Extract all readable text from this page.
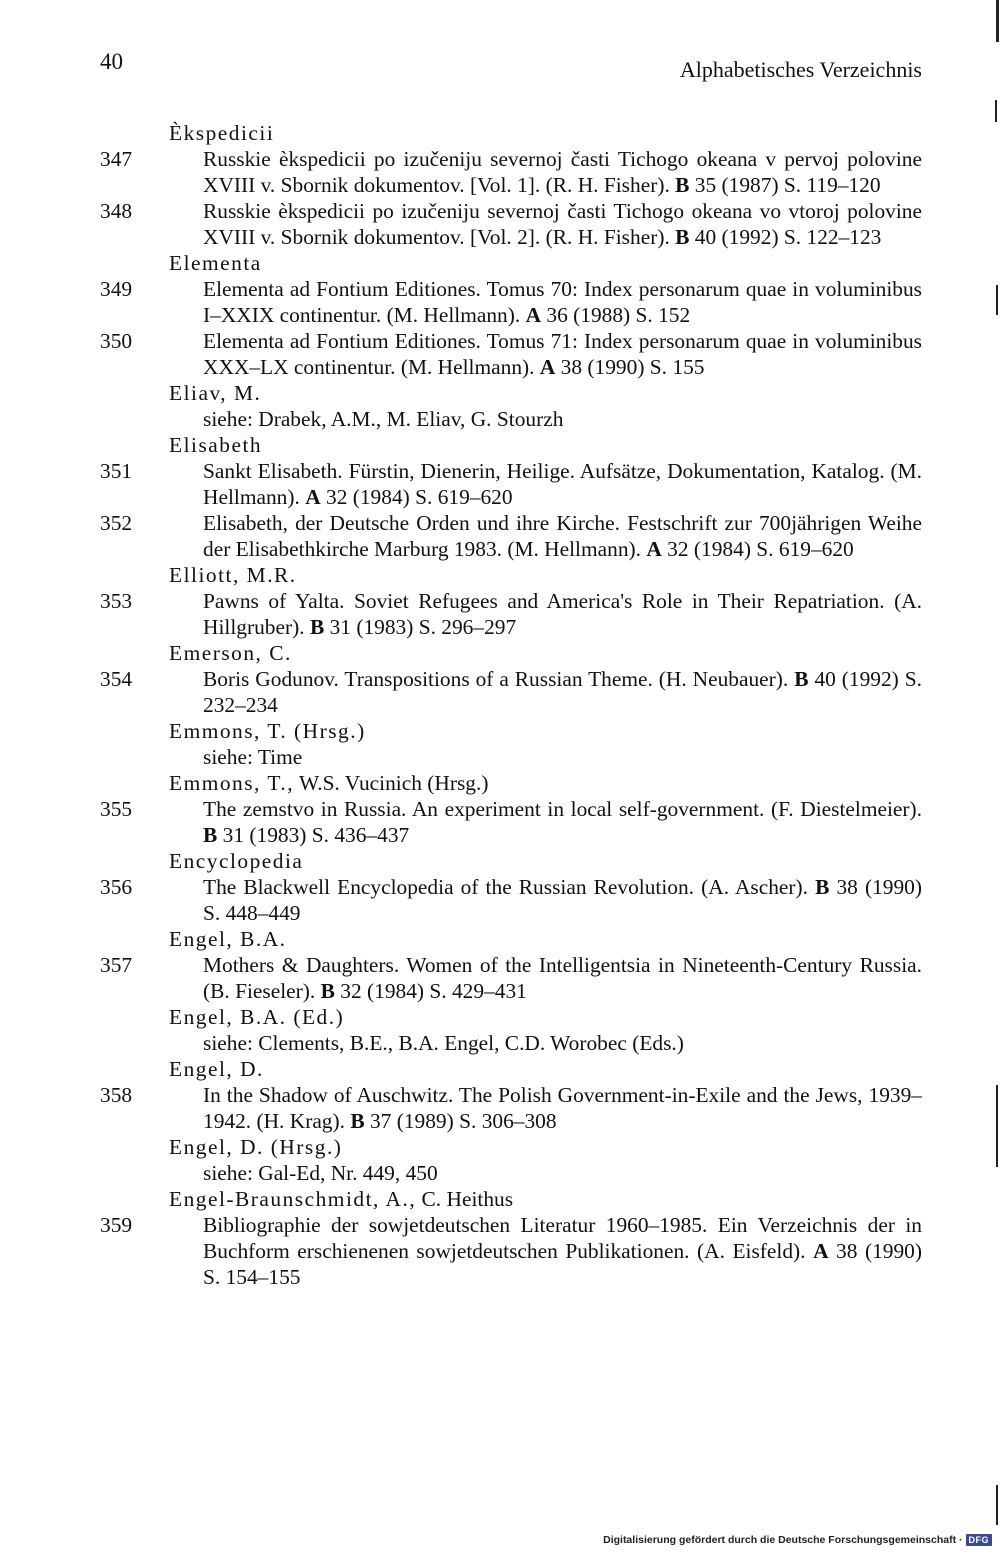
40	Alphabetisches Verzeichnis
Èkspedicii
347	Russkie èkspedicii po izučeniju severnoj časti Tichogo okeana v pervoj polovine XVIII v. Sbornik dokumentov. [Vol. 1]. (R. H. Fisher). B 35 (1987) S. 119–120
348	Russkie èkspedicii po izučeniju severnoj časti Tichogo okeana vo vtoroj polovine XVIII v. Sbornik dokumentov. [Vol. 2]. (R. H. Fisher). B 40 (1992) S. 122–123
Elementa
349	Elementa ad Fontium Editiones. Tomus 70: Index personarum quae in voluminibus I–XXIX continentur. (M. Hellmann). A 36 (1988) S. 152
350	Elementa ad Fontium Editiones. Tomus 71: Index personarum quae in voluminibus XXX–LX continentur. (M. Hellmann). A 38 (1990) S. 155
Eliav, M.
siehe: Drabek, A.M., M. Eliav, G. Stourzh
Elisabeth
351	Sankt Elisabeth. Fürstin, Dienerin, Heilige. Aufsätze, Dokumentation, Katalog. (M. Hellmann). A 32 (1984) S. 619–620
352	Elisabeth, der Deutsche Orden und ihre Kirche. Festschrift zur 700jährigen Weihe der Elisabethkirche Marburg 1983. (M. Hellmann). A 32 (1984) S. 619–620
Elliott, M.R.
353	Pawns of Yalta. Soviet Refugees and America's Role in Their Repatriation. (A. Hillgruber). B 31 (1983) S. 296–297
Emerson, C.
354	Boris Godunov. Transpositions of a Russian Theme. (H. Neubauer). B 40 (1992) S. 232–234
Emmons, T. (Hrsg.)
siehe: Time
Emmons, T., W.S. Vucinich (Hrsg.)
355	The zemstvo in Russia. An experiment in local self-government. (F. Diestelmeier). B 31 (1983) S. 436–437
Encyclopedia
356	The Blackwell Encyclopedia of the Russian Revolution. (A. Ascher). B 38 (1990) S. 448–449
Engel, B.A.
357	Mothers & Daughters. Women of the Intelligentsia in Nineteenth-Century Russia. (B. Fieseler). B 32 (1984) S. 429–431
Engel, B.A. (Ed.)
siehe: Clements, B.E., B.A. Engel, C.D. Worobec (Eds.)
Engel, D.
358	In the Shadow of Auschwitz. The Polish Government-in-Exile and the Jews, 1939–1942. (H. Krag). B 37 (1989) S. 306–308
Engel, D. (Hrsg.)
siehe: Gal-Ed, Nr. 449, 450
Engel-Braunschmidt, A., C. Heithus
359	Bibliographie der sowjetdeutschen Literatur 1960–1985. Ein Verzeichnis der in Buchform erschienenen sowjetdeutschen Publikationen. (A. Eisfeld). A 38 (1990) S. 154–155
Digitalisierung gefördert durch die Deutsche Forschungsgemeinschaft · DFG
